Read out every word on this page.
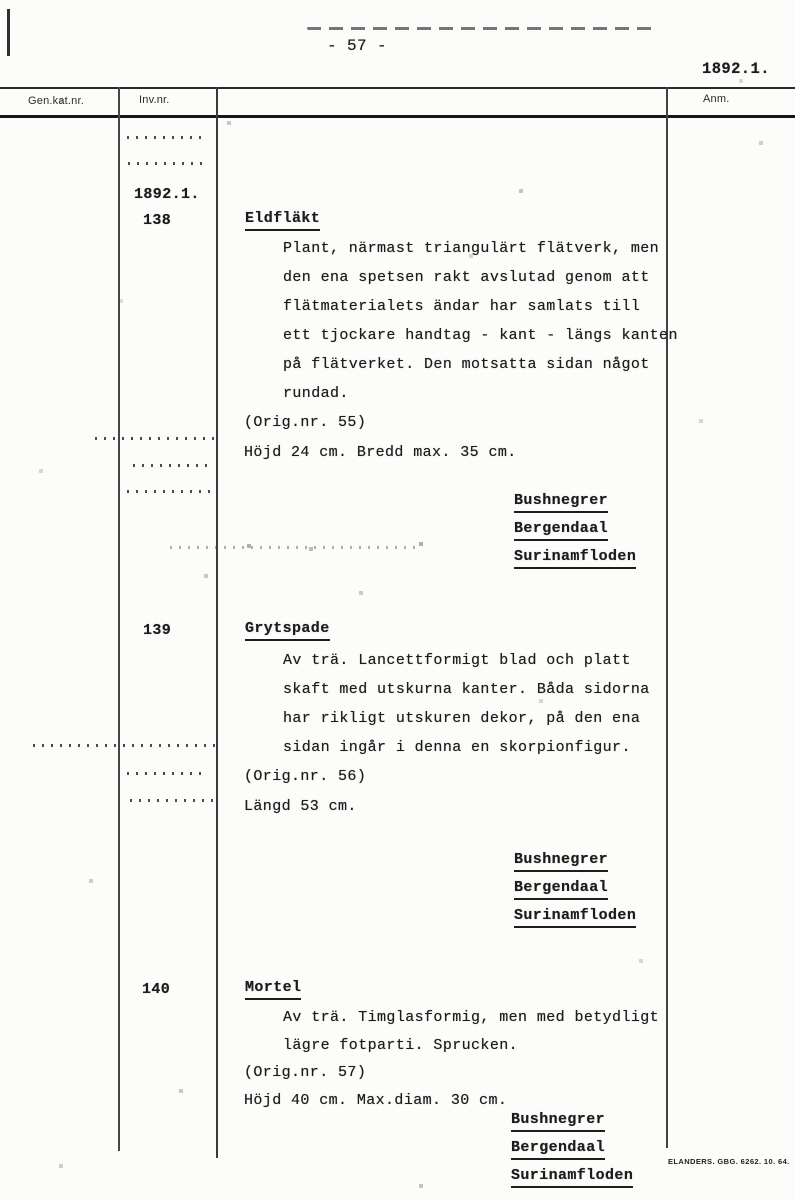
- 57 -
1892.1.
Gen.kat.nr.	Inv.nr.	Anm.
1892.1.
138	Eldfläkt
Plant, närmast triangulärt flätverk, men
den ena spetsen rakt avslutad genom att
flätmaterialets ändar har samlats till
ett tjockare handtag - kant - längs kanten
på flätverket. Den motsatta sidan något
rundad.
(Orig.nr. 55)
Höjd 24 cm. Bredd max. 35 cm.
Bushnegrer
Bergendaal
Surinamfloden
139	Grytspade
Av trä. Lancettformigt blad och platt
skaft med utskurna kanter. Båda sidorna
har rikligt utskuren dekor, på den ena
sidan ingår i denna en skorpionfigur.
(Orig.nr. 56)
Längd 53 cm.
Bushnegrer
Bergendaal
Surinamfloden
140	Mortel
Av trä. Timglasformig, men med betydligt
lägre fotparti. Sprucken.
(Orig.nr. 57)
Höjd 40 cm. Max.diam. 30 cm.
Bushnegrer
Bergendaal
Surinamfloden
ELANDERS. GBG. 6262. 10. 64.
